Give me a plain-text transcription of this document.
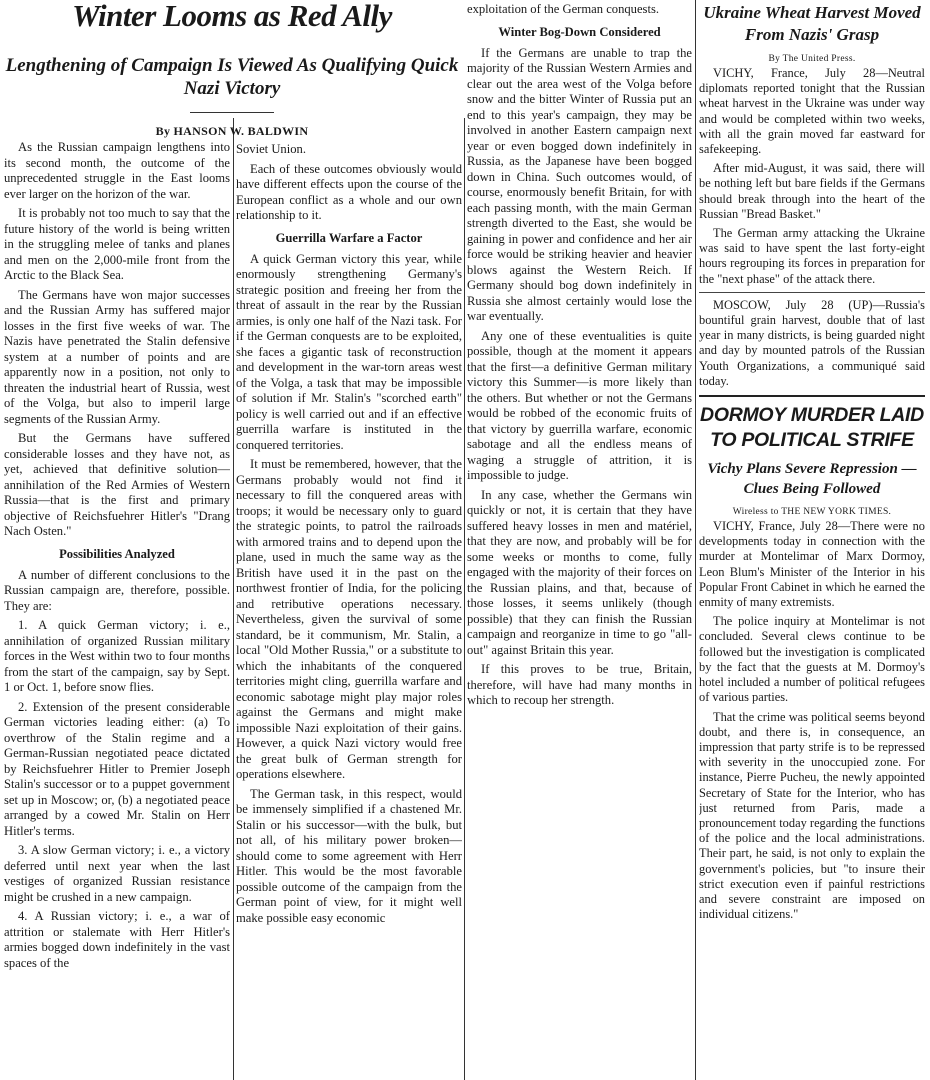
Winter Looms as Red Ally
Lengthening of Campaign Is Viewed As Qualifying Quick Nazi Victory
By HANSON W. BALDWIN

As the Russian campaign lengthens into its second month, the outcome of the unprecedented struggle in the East looms ever larger on the horizon of the war.

It is probably not too much to say that the future history of the world is being written in the struggling melee of tanks and planes and men on the 2,000-mile front from the Arctic to the Black Sea.

The Germans have won major successes and the Russian Army has suffered major losses in the first five weeks of war. The Nazis have penetrated the Stalin defensive system at a number of points and are apparently now in a position, not only to threaten the industrial heart of Russia, west of the Volga, but also to imperil large segments of the Russian Army.

But the Germans have suffered considerable losses and they have not, as yet, achieved that definitive solution—annihilation of the Red Armies of Western Russia—that is the first and primary objective of Reichsfuehrer Hitler's "Drang Nach Osten."

Possibilities Analyzed

A number of different conclusions to the Russian campaign are, therefore, possible. They are:

1. A quick German victory; i. e., annihilation of organized Russian military forces in the West within two to four months from the start of the campaign, say by Sept. 1 or Oct. 1, before snow flies.

2. Extension of the present considerable German victories leading either: (a) To overthrow of the Stalin regime and a German-Russian negotiated peace dictated by Reichsfuehrer Hitler to Premier Joseph Stalin's successor or to a puppet government set up in Moscow; or, (b) a negotiated peace arranged by a cowed Mr. Stalin on Herr Hitler's terms.

3. A slow German victory; i. e., a victory deferred until next year when the last vestiges of organized Russian resistance might be crushed in a new campaign.

4. A Russian victory; i. e., a war of attrition or stalemate with Herr Hitler's armies bogged down indefinitely in the vast spaces of the

Soviet Union.

Each of these outcomes obviously would have different effects upon the course of the European conflict as a whole and our own relationship to it.

Guerrilla Warfare a Factor

A quick German victory this year, while enormously strengthening Germany's strategic position and freeing her from the threat of assault in the rear by the Russian armies, is only one half of the Nazi task. For if the German conquests are to be exploited, she faces a gigantic task of reconstruction and development in the war-torn areas west of the Volga, a task that may be impossible of solution if Mr. Stalin's "scorched earth" policy is well carried out and if an effective guerrilla warfare is instituted in the conquered territories.

It must be remembered, however, that the Germans probably would not find it necessary to fill the conquered areas with troops; it would be necessary only to guard the strategic points, to patrol the railroads with armored trains and to depend upon the plane, used in much the same way as the British have used it in the past on the northwest frontier of India, for the policing and retributive operations necessary. Nevertheless, given the survival of some standard, be it communism, Mr. Stalin, a local "Old Mother Russia," or a substitute to which the inhabitants of the conquered territories might cling, guerrilla warfare and economic sabotage might play major roles against the Germans and might make impossible Nazi exploitation of their gains. However, a quick Nazi victory would free the great bulk of German strength for operations elsewhere.

The German task, in this respect, would be immensely simplified if a chastened Mr. Stalin or his successor—with the bulk, but not all, of his military power broken—should come to some agreement with Herr Hitler. This would be the most favorable possible outcome of the campaign from the German point of view, for it might well make possible easy economic

exploitation of the German conquests.

Winter Bog-Down Considered

If the Germans are unable to trap the majority of the Russian Western Armies and clear out the area west of the Volga before snow and the bitter Winter of Russia put an end to this year's campaign, they may be involved in another Eastern campaign next year or even bogged down indefinitely in Russia, as the Japanese have been bogged down in China. Such outcomes would, of course, enormously benefit Britain, for with each passing month, with the main German strength diverted to the East, she would be gaining in power and confidence and her air force would be striking heavier and heavier blows against the Western Reich. If Germany should bog down indefinitely in Russia she almost certainly would lose the war eventually.

Any one of these eventualities is quite possible, though at the moment it appears that the first—a definitive German military victory this Summer—is more likely than the others. But whether or not the Germans would be robbed of the economic fruits of that victory by guerrilla warfare, economic sabotage and all the endless means of waging a struggle of attrition, it is impossible to judge.

In any case, whether the Germans win quickly or not, it is certain that they have suffered heavy losses in men and matériel, that they are now, and probably will be for some weeks or months to come, fully engaged with the majority of their forces on the Russian plains, and that, because of those losses, it seems unlikely (though possible) that they can finish the Russian campaign and reorganize in time to go "all-out" against Britain this year.

If this proves to be true, Britain, therefore, will have had many months in which to recoup her strength.

Ukraine Wheat Harvest Moved From Nazis' Grasp
By The United Press.

VICHY, France, July 28—Neutral diplomats reported tonight that the Russian wheat harvest in the Ukraine was under way and would be completed within two weeks, with all the grain moved far eastward for safekeeping.

After mid-August, it was said, there will be nothing left but bare fields if the Germans should break through into the heart of the Russian "Bread Basket."

The German army attacking the Ukraine was said to have spent the last forty-eight hours regrouping its forces in preparation for the "next phase" of the attack there.

MOSCOW, July 28 (UP)—Russia's bountiful grain harvest, double that of last year in many districts, is being guarded night and day by mounted patrols of the Russian Youth Organizations, a communiqué said today.

DORMOY MURDER LAID TO POLITICAL STRIFE
Vichy Plans Severe Repression —Clues Being Followed
Wireless to THE NEW YORK TIMES.

VICHY, France, July 28—There were no developments today in connection with the murder at Montelimar of Marx Dormoy, Leon Blum's Minister of the Interior in his Popular Front Cabinet in which he earned the enmity of many extremists.

The police inquiry at Montelimar is not concluded. Several clews continue to be followed but the investigation is complicated by the fact that the guests at M. Dormoy's hotel included a number of political refugees of various parties.

That the crime was political seems beyond doubt, and there is, in consequence, an impression that party strife is to be repressed with severity in the unoccupied zone. For instance, Pierre Pucheu, the newly appointed Secretary of State for the Interior, who has just returned from Paris, made a pronouncement today regarding the functions of the police and the local administrations. Their part, he said, is not only to explain the government's policies, but "to insure their strict execution even if painful restrictions and severe constraint are imposed on individual citizens."
